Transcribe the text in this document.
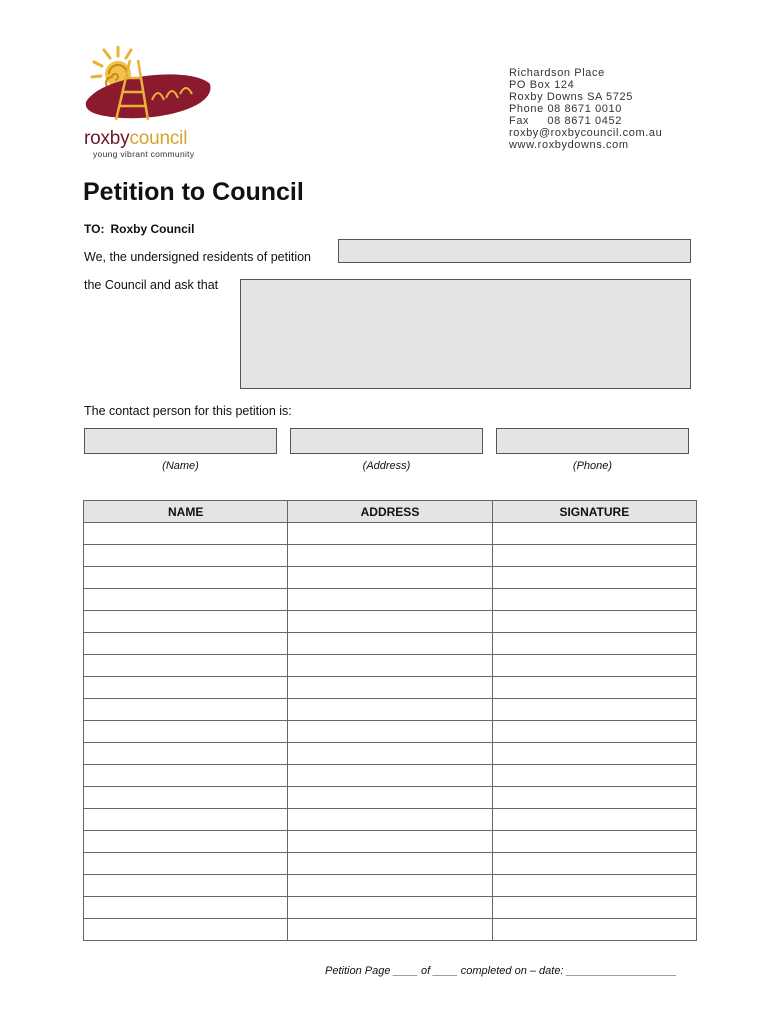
roxbycouncil
young vibrant community
Richardson Place
PO Box 124
Roxby Downs SA 5725
Phone 08 8671 0010
Fax     08 8671 0452
roxby@roxbycouncil.com.au
www.roxbydowns.com
Petition to Council
TO: Roxby Council
We, the undersigned residents of petition
the Council and ask that
The contact person for this petition is:
(Name)	(Address)	(Phone)
NAME	ADDRESS	SIGNATURE

Petition Page ____ of ____ completed on – date: __________________
